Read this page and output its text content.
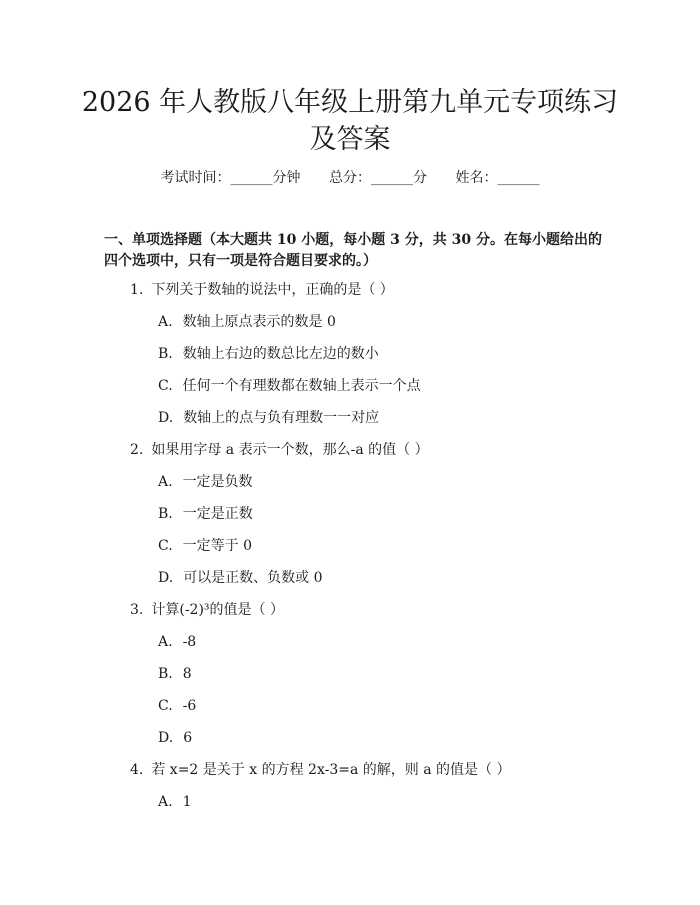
2026 年人教版八年级上册第九单元专项练习
及答案
考试时间：______分钟 总分：______分 姓名：______
一、单项选择题（本大题共 10 小题，每小题 3 分，共 30 分。在每小题给出的四个选项中，只有一项是符合题目要求的。）
1. 下列关于数轴的说法中，正确的是（ ）
A. 数轴上原点表示的数是 0
B. 数轴上右边的数总比左边的数小
C. 任何一个有理数都在数轴上表示一个点
D. 数轴上的点与负有理数一一对应
2. 如果用字母 a 表示一个数，那么-a 的值（ ）
A. 一定是负数
B. 一定是正数
C. 一定等于 0
D. 可以是正数、负数或 0
3. 计算(-2)³的值是（ ）
A. -8
B. 8
C. -6
D. 6
4. 若 x=2 是关于 x 的方程 2x-3=a 的解，则 a 的值是（ ）
A. 1
